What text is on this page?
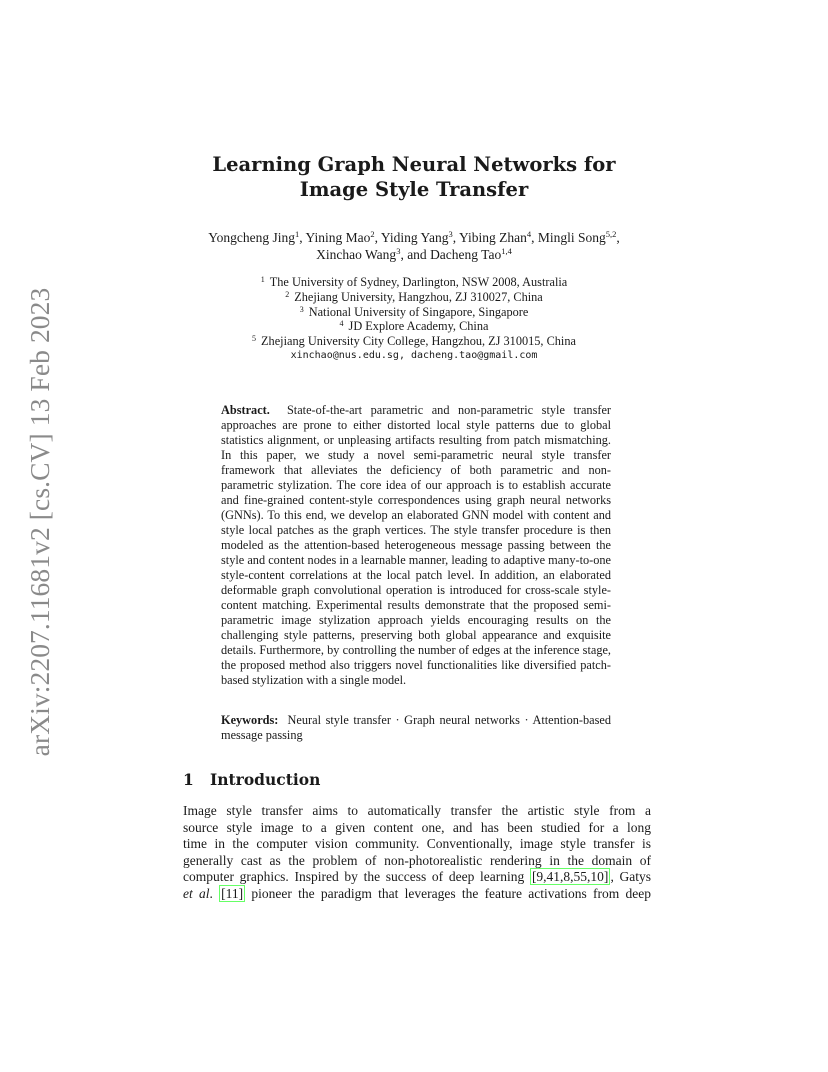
arXiv:2207.11681v2 [cs.CV] 13 Feb 2023
Learning Graph Neural Networks for
Image Style Transfer
Yongcheng Jing$^1$, Yining Mao$^2$, Yiding Yang$^3$, Yibing Zhan$^4$, Mingli Song$^{5,2}$,
Xinchao Wang$^3$, and Dacheng Tao$^{1,4}$
$^1$ The University of Sydney, Darlington, NSW 2008, Australia
$^2$ Zhejiang University, Hangzhou, ZJ 310027, China
$^3$ National University of Singapore, Singapore
$^4$ JD Explore Academy, China
$^5$ Zhejiang University City College, Hangzhou, ZJ 310015, China
xinchao@nus.edu.sg, dacheng.tao@gmail.com
Abstract. State-of-the-art parametric and non-parametric style transfer approaches are prone to either distorted local style patterns due to global statistics alignment, or unpleasing artifacts resulting from patch mismatching. In this paper, we study a novel semi-parametric neural style transfer framework that alleviates the deficiency of both parametric and non-parametric stylization. The core idea of our approach is to establish accurate and fine-grained content-style correspondences using graph neural networks (GNNs). To this end, we develop an elaborated GNN model with content and style local patches as the graph vertices. The style transfer procedure is then modeled as the attention-based heterogeneous message passing between the style and content nodes in a learnable manner, leading to adaptive many-to-one style-content correlations at the local patch level. In addition, an elaborated deformable graph convolutional operation is introduced for cross-scale style-content matching. Experimental results demonstrate that the proposed semi-parametric image stylization approach yields encouraging results on the challenging style patterns, preserving both global appearance and exquisite details. Furthermore, by controlling the number of edges at the inference stage, the proposed method also triggers novel functionalities like diversified patch-based stylization with a single model.
Keywords: Neural style transfer · Graph neural networks · Attention-based message passing
1 Introduction
Image style transfer aims to automatically transfer the artistic style from a
source style image to a given content one, and has been studied for a long
time in the computer vision community. Conventionally, image style transfer is
generally cast as the problem of non-photorealistic rendering in the domain of
computer graphics. Inspired by the success of deep learning [9,41,8,55,10] , Gatys
et al. [11] pioneer the paradigm that leverages the feature activations from deep
